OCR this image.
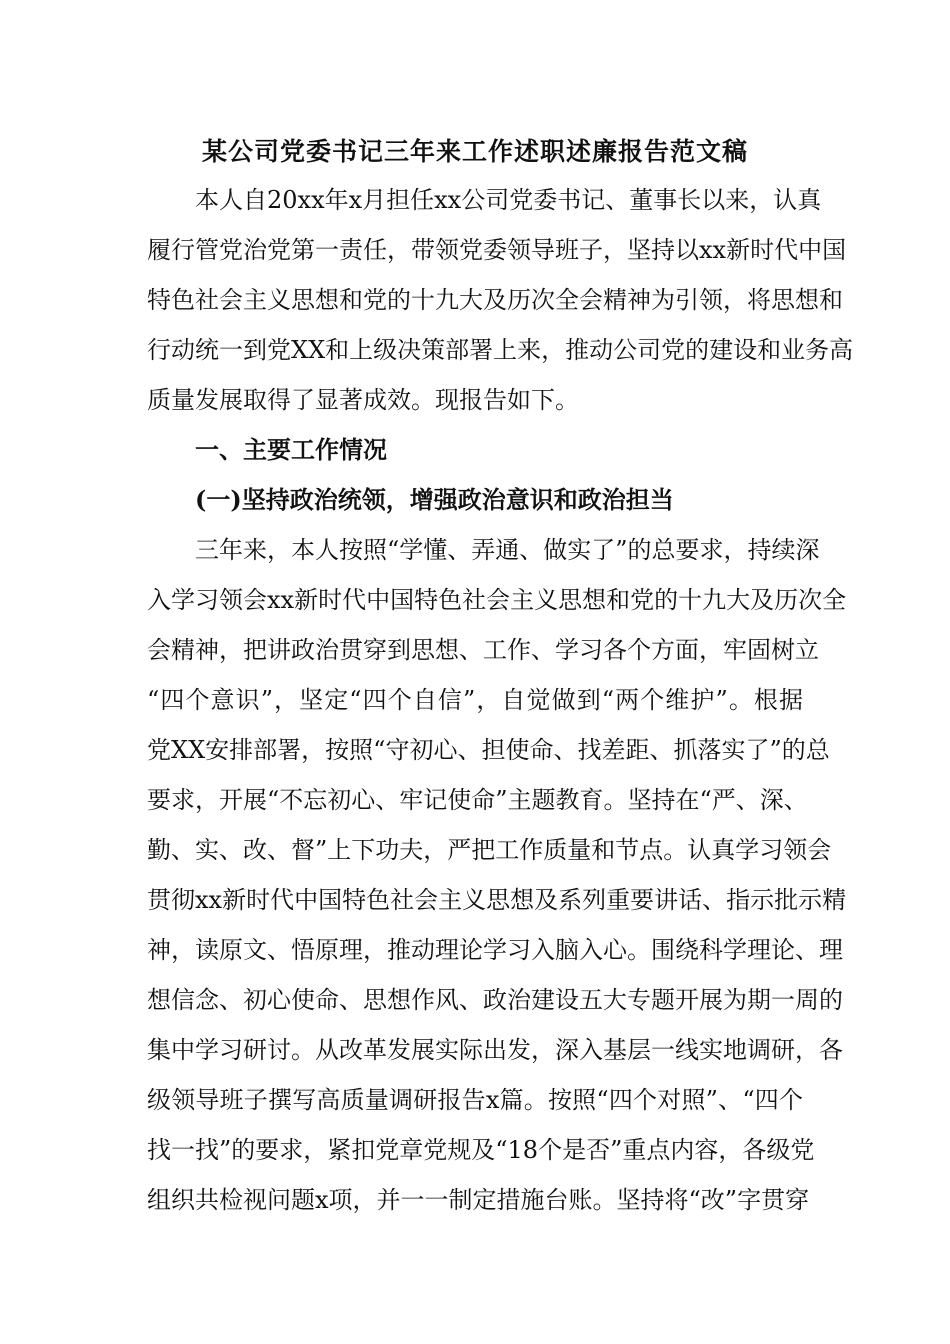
某公司党委书记三年来工作述职述廉报告范文稿
本人自20xx年x月担任xx公司党委书记、董事长以来，认真
履行管党治党第一责任，带领党委领导班子，坚持以xx新时代中国
特色社会主义思想和党的十九大及历次全会精神为引领，将思想和
行动统一到党XX和上级决策部署上来，推动公司党的建设和业务高
质量发展取得了显著成效。现报告如下。
一、主要工作情况
(一)坚持政治统领，增强政治意识和政治担当
三年来，本人按照“学懂、弄通、做实了”的总要求，持续深
入学习领会xx新时代中国特色社会主义思想和党的十九大及历次全
会精神，把讲政治贯穿到思想、工作、学习各个方面，牢固树立
“四个意识”，坚定“四个自信”，自觉做到“两个维护”。根据
党XX安排部署，按照“守初心、担使命、找差距、抓落实了”的总
要求，开展“不忘初心、牢记使命”主题教育。坚持在“严、深、
勤、实、改、督”上下功夫，严把工作质量和节点。认真学习领会
贯彻xx新时代中国特色社会主义思想及系列重要讲话、指示批示精
神，读原文、悟原理，推动理论学习入脑入心。围绕科学理论、理
想信念、初心使命、思想作风、政治建设五大专题开展为期一周的
集中学习研讨。从改革发展实际出发，深入基层一线实地调研，各
级领导班子撰写高质量调研报告x篇。按照“四个对照”、“四个
找一找”的要求，紧扣党章党规及“18个是否”重点内容，各级党
组织共检视问题x项，并一一制定措施台账。坚持将“改”字贯穿
